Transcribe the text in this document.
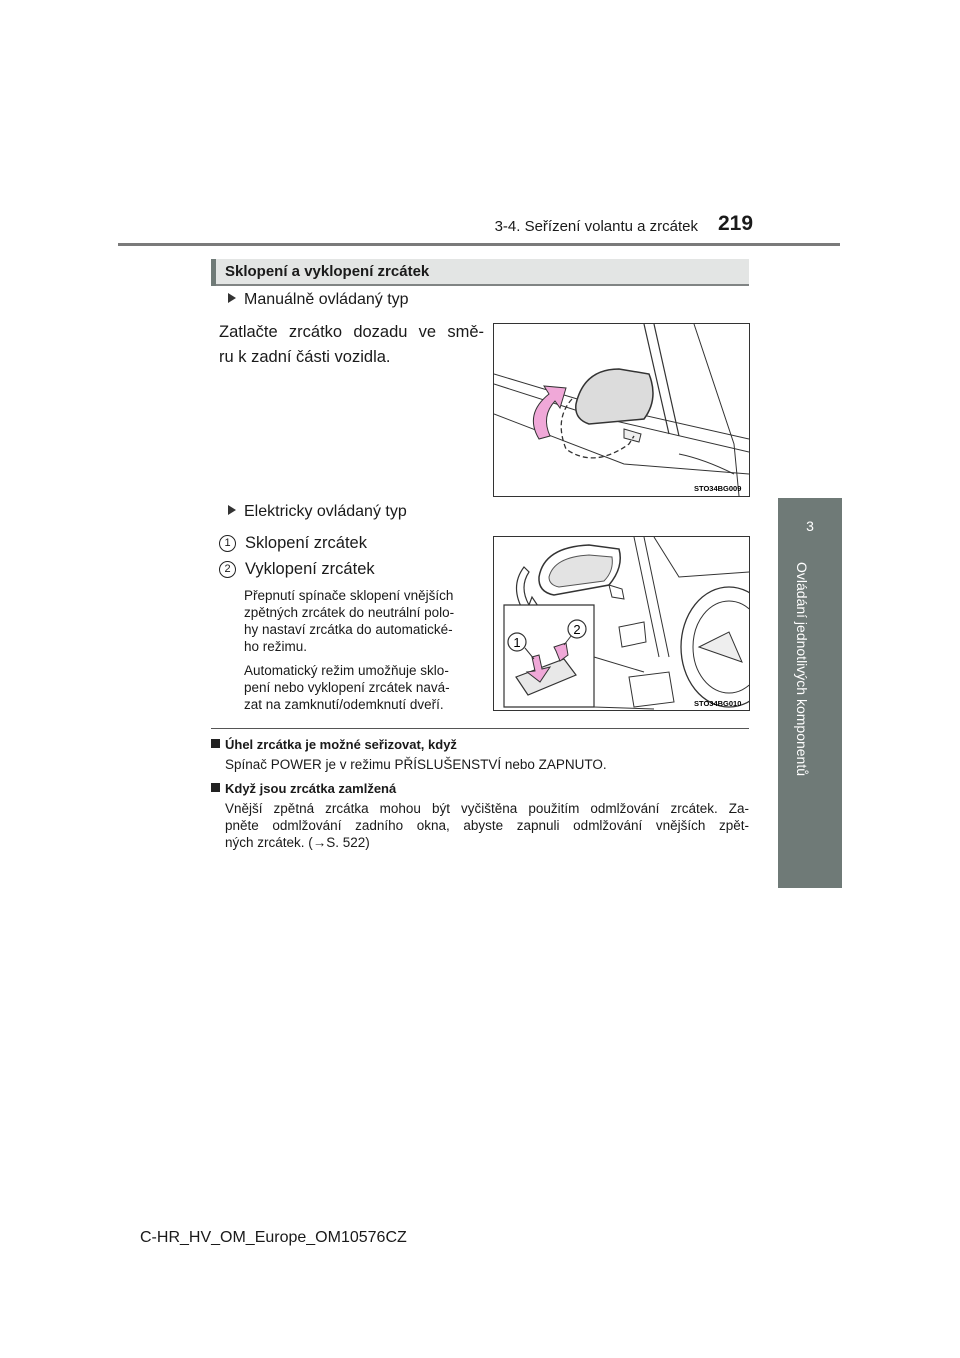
3-4. Seřízení volantu a zrcátek 219
3
Ovládání jednotlivých komponentů
Sklopení a vyklopení zrcátek
Manuálně ovládaný typ
Zatlačte zrcátko dozadu ve smě-
ru k zadní části vozidla.
STO34BG009
Elektricky ovládaný typ
1 Sklopení zrcátek
2 Vyklopení zrcátek
Přepnutí spínače sklopení vnějších
zpětných zrcátek do neutrální polo-
hy nastaví zrcátka do automatické-
ho režimu.
Automatický režim umožňuje sklo-
pení nebo vyklopení zrcátek navá-
zat na zamknutí/odemknutí dveří.
1
2
STO34BG010
Úhel zrcátka je možné seřizovat, když
Spínač POWER je v režimu PŘÍSLUŠENSTVÍ nebo ZAPNUTO.
Když jsou zrcátka zamlžená
Vnější zpětná zrcátka mohou být vyčištěna použitím odmlžování zrcátek. Za-
pněte odmlžování zadního okna, abyste zapnuli odmlžování vnějších zpět-
ných zrcátek. (→S. 522)
C-HR_HV_OM_Europe_OM10576CZ
